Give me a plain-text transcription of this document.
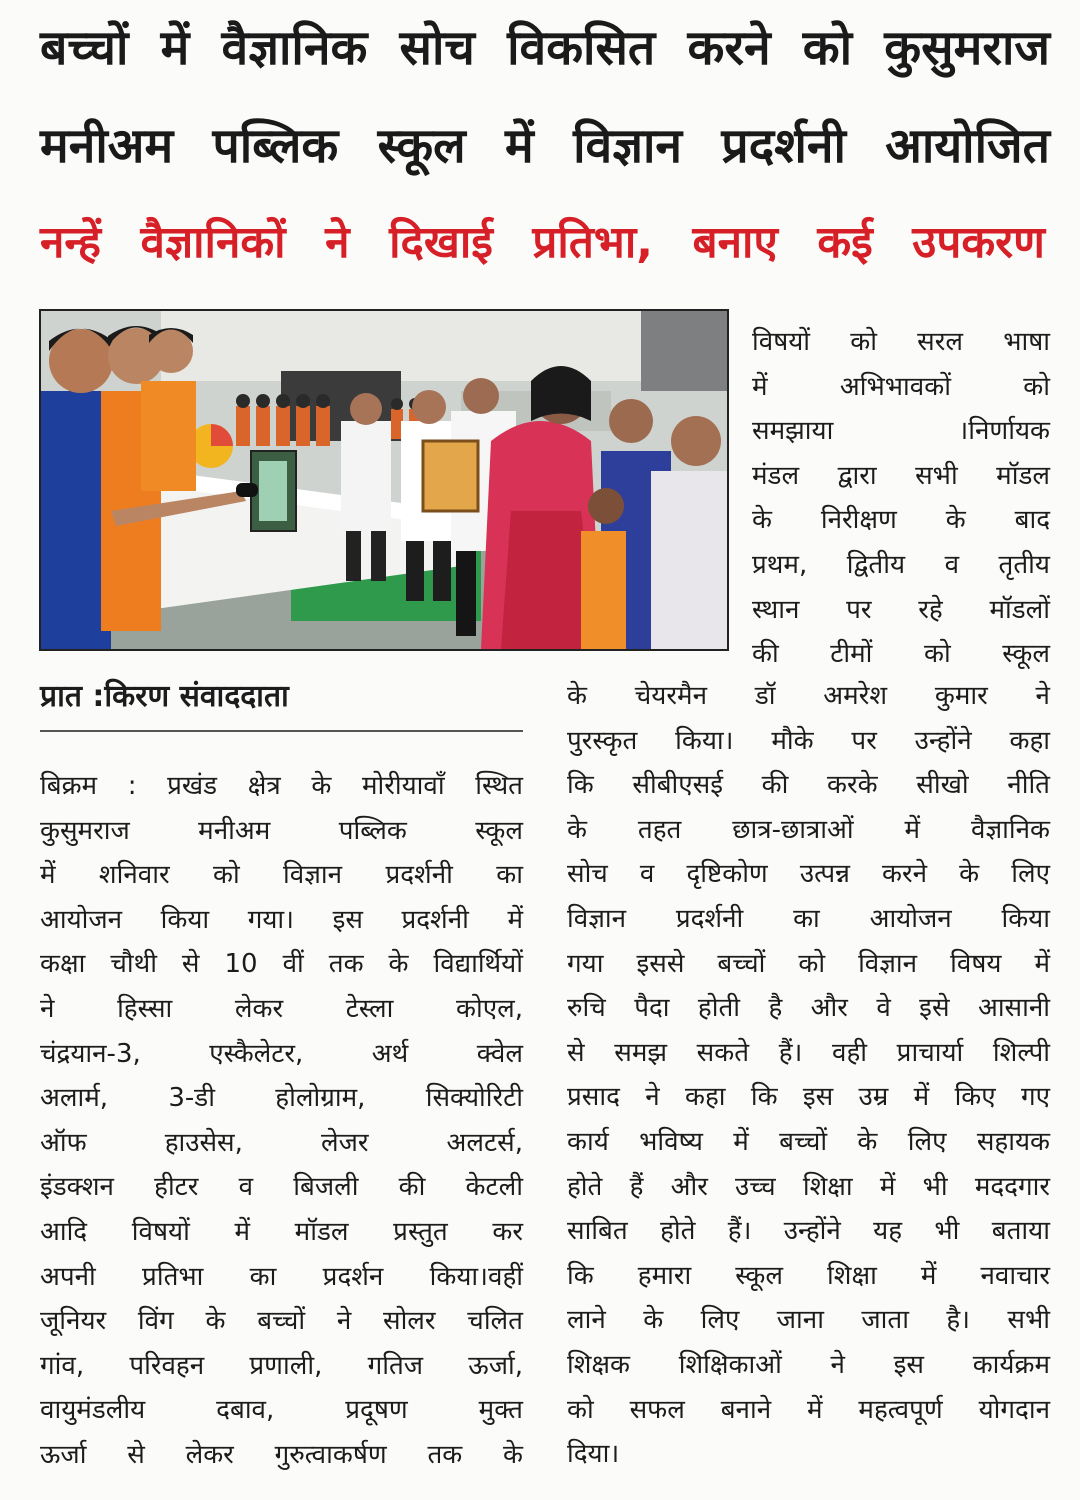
बच्चों में वैज्ञानिक सोच विकसित करने को कुसुमराज
मनीअम पब्लिक स्कूल में विज्ञान प्रदर्शनी आयोजित
नन्हें वैज्ञानिकों ने दिखाई प्रतिभा, बनाए कई उपकरण
विषयों को सरल भाषा
में अभिभावकों को
समझाया ।निर्णायक
मंडल द्वारा सभी मॉडल
के निरीक्षण के बाद
प्रथम, द्वितीय व तृतीय
स्थान पर रहे मॉडलों
की टीमों को स्कूल
प्रात :किरण संवाददाता
बिक्रम : प्रखंड क्षेत्र के मोरीयावाँ स्थित
कुसुमराज मनीअम पब्लिक स्कूल
में शनिवार को विज्ञान प्रदर्शनी का
आयोजन किया गया। इस प्रदर्शनी में
कक्षा चौथी से 10 वीं तक के विद्यार्थियों
ने हिस्सा लेकर टेस्ला कोएल,
चंद्रयान-3, एस्कैलेटर, अर्थ क्वेल
अलार्म, 3-डी होलोग्राम, सिक्योरिटी
ऑफ हाउसेस, लेजर अलटर्स,
इंडक्शन हीटर व बिजली की केटली
आदि विषयों में मॉडल प्रस्तुत कर
अपनी प्रतिभा का प्रदर्शन किया।वहीं
जूनियर विंग के बच्चों ने सोलर चलित
गांव, परिवहन प्रणाली, गतिज ऊर्जा,
वायुमंडलीय दबाव, प्रदूषण मुक्त
ऊर्जा से लेकर गुरुत्वाकर्षण तक के
के चेयरमैन डॉ अमरेश कुमार ने
पुरस्कृत किया। मौके पर उन्होंने कहा
कि सीबीएसई की करके सीखो नीति
के तहत छात्र-छात्राओं में वैज्ञानिक
सोच व दृष्टिकोण उत्पन्न करने के लिए
विज्ञान प्रदर्शनी का आयोजन किया
गया इससे बच्चों को विज्ञान विषय में
रुचि पैदा होती है और वे इसे आसानी
से समझ सकते हैं। वही प्राचार्या शिल्पी
प्रसाद ने कहा कि इस उम्र में किए गए
कार्य भविष्य में बच्चों के लिए सहायक
होते हैं और उच्च शिक्षा में भी मददगार
साबित होते हैं। उन्होंने यह भी बताया
कि हमारा स्कूल शिक्षा में नवाचार
लाने के लिए जाना जाता है। सभी
शिक्षक शिक्षिकाओं ने इस कार्यक्रम
को सफल बनाने में महत्वपूर्ण योगदान
दिया।
